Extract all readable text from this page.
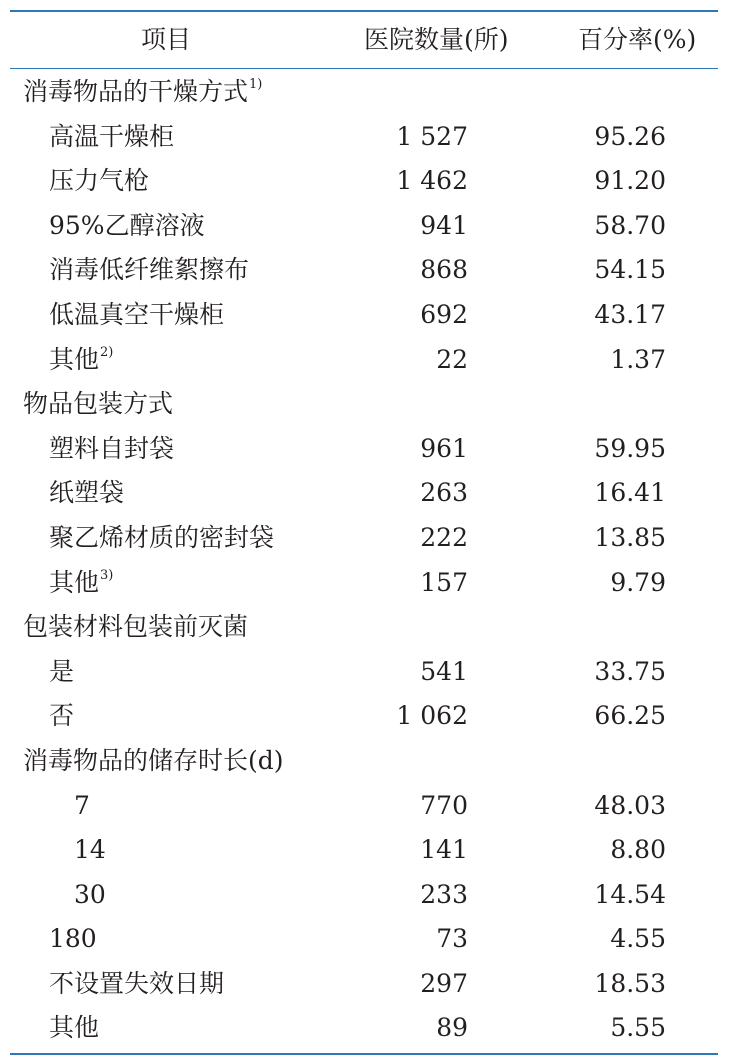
项目	医院数量(所)	百分率(%)
消毒物品的干燥方式$^{1)}$
高温干燥柜	1 527	95.26
压力气枪	1 462	91.20
95%乙醇溶液	941	58.70
消毒低纤维絮擦布	868	54.15
低温真空干燥柜	692	43.17
其他$^{2)}$	22	1.37
物品包装方式
塑料自封袋	961	59.95
纸塑袋	263	16.41
聚乙烯材质的密封袋	222	13.85
其他$^{3)}$	157	9.79
包装材料包装前灭菌
是	541	33.75
否	1 062	66.25
消毒物品的储存时长(d)
7	770	48.03
14	141	8.80
30	233	14.54
180	73	4.55
不设置失效日期	297	18.53
其他	89	5.55
